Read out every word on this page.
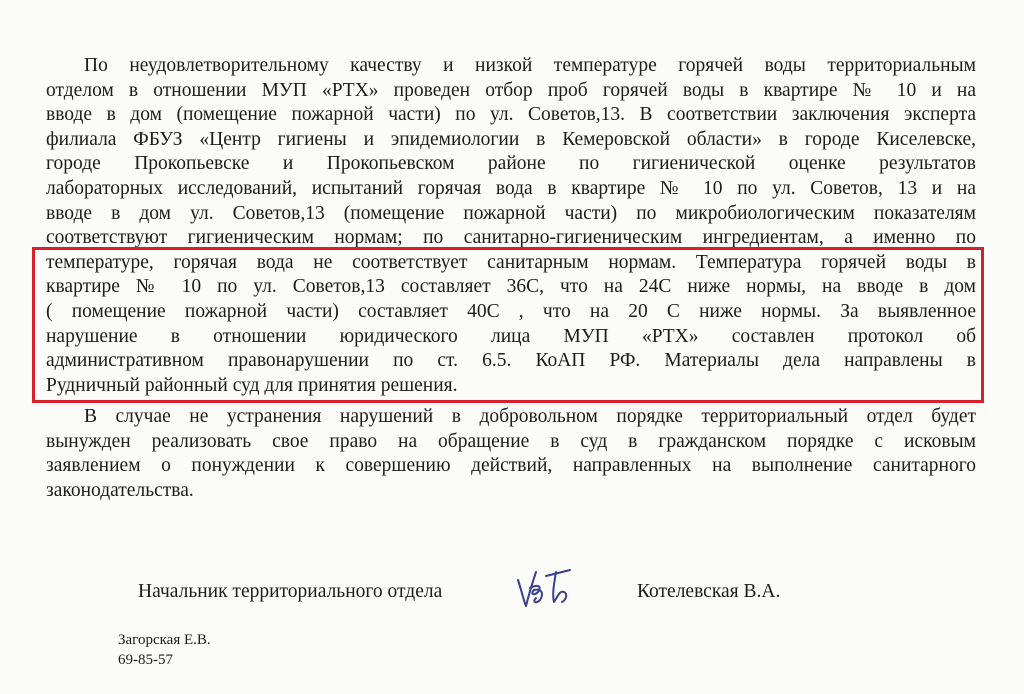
По неудовлетворительному качеству и низкой температуре горячей воды территориальным
отделом в отношении МУП «РТХ» проведен отбор проб горячей воды в квартире № 10 и на
вводе в дом (помещение пожарной части) по ул. Советов,13. В соответствии заключения эксперта
филиала ФБУЗ «Центр гигиены и эпидемиологии в Кемеровской области» в городе Киселевске,
городе Прокопьевске и Прокопьевском районе по гигиенической оценке результатов
лабораторных исследований, испытаний горячая вода в квартире № 10 по ул. Советов, 13 и на
вводе в дом ул. Советов,13 (помещение пожарной части) по микробиологическим показателям
соответствуют гигиеническим нормам; по санитарно-гигиеническим ингредиентам, а именно по
температуре, горячая вода не соответствует санитарным нормам. Температура горячей воды в
квартире № 10 по ул. Советов,13 составляет 36С, что на 24С ниже нормы, на вводе в дом
( помещение пожарной части) составляет 40С , что на 20 С ниже нормы. За выявленное
нарушение в отношении юридического лица МУП «РТХ» составлен протокол об
административном правонарушении по ст. 6.5. КоАП РФ. Материалы дела направлены в
Рудничный районный суд для принятия решения.
В случае не устранения нарушений в добровольном порядке территориальный отдел будет
вынужден реализовать свое право на обращение в суд в гражданском порядке с исковым
заявлением о понуждении к совершению действий, направленных на выполнение санитарного
законодательства.
Начальник территориального отдела	Котелевская В.А.
Загорская Е.В.
69-85-57
